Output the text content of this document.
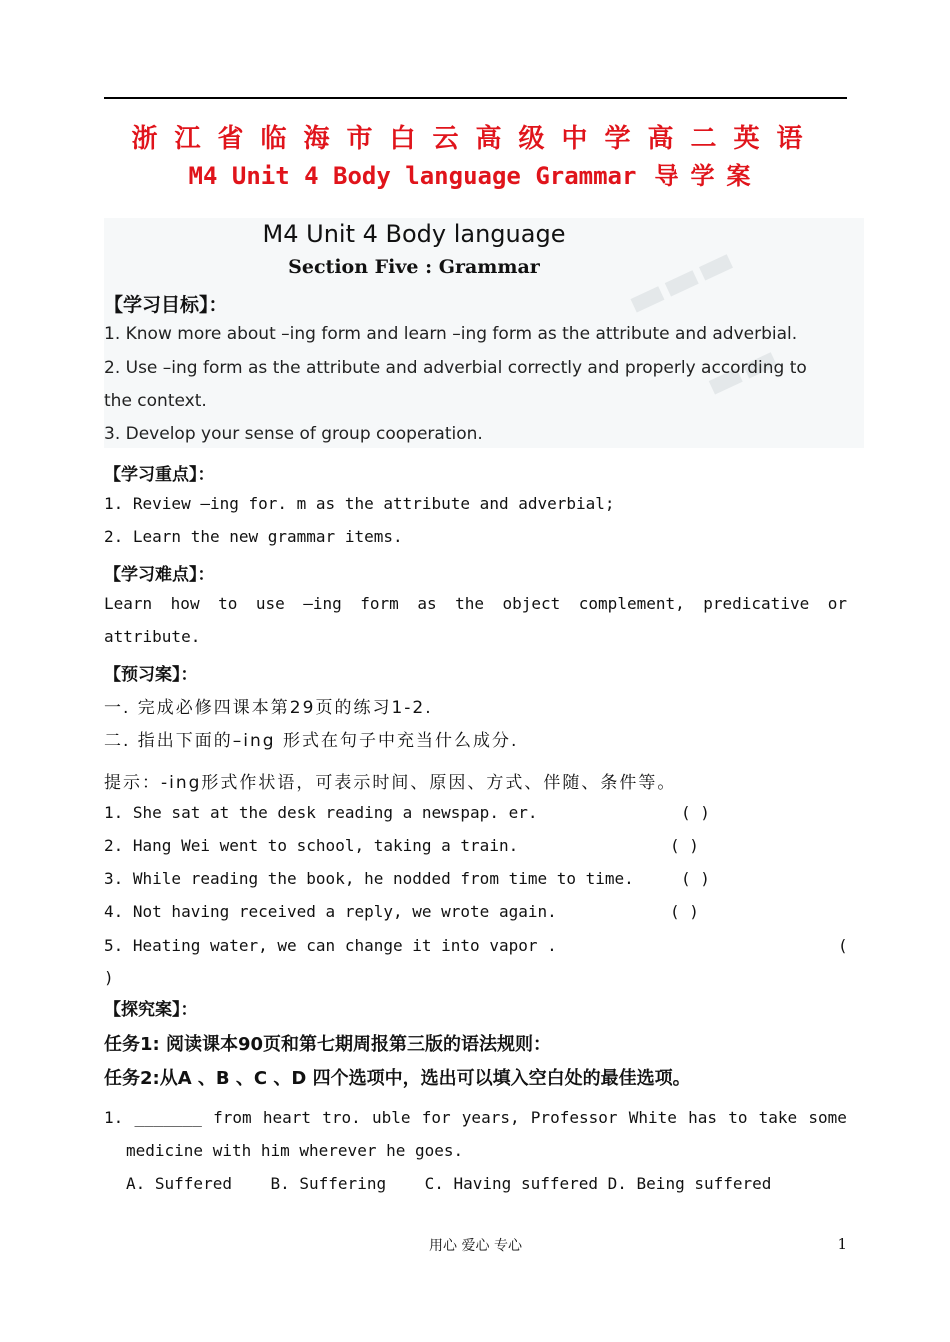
浙江省临海市白云高级中学高二英语
M4 Unit 4 Body language Grammar 导学案
▬▬▬
▬▬
M4 Unit 4 Body language
Section Five : Grammar
【学习目标】：
1. Know more about –ing form and learn –ing form as the attribute and adverbial.
2. Use –ing form as the attribute and adverbial correctly and properly according to
the context.
3. Develop your sense of group cooperation.
【学习重点】：
1. Review –ing for. m as the attribute and adverbial;
2. Learn the new grammar items.
【学习难点】：
Learn how to use –ing form as the object complement, predicative or
attribute.
【预习案】：
一. 完成必修四课本第29页的练习1-2.
二. 指出下面的–ing 形式在句子中充当什么成分.
提示：-ing形式作状语，可表示时间、原因、方式、伴随、条件等。
1. She sat at the desk reading a newspap. er.	( )
2. Hang Wei went to school, taking a train.	( )
3. While reading the book, he nodded from time to time.	( )
4. Not having received a reply, we wrote again.	( )
5. Heating water, we can change it into vapor .	(
)
【探究案】：
任务1: 阅读课本90页和第七期周报第三版的语法规则：
任务2:从A 、B 、C 、D 四个选项中，选出可以填入空白处的最佳选项。
1. _______ from heart tro. uble for years, Professor White has to take some
medicine with him wherever he goes.
A. Suffered    B. Suffering    C. Having suffered D. Being suffered
用心 爱心 专心	1
